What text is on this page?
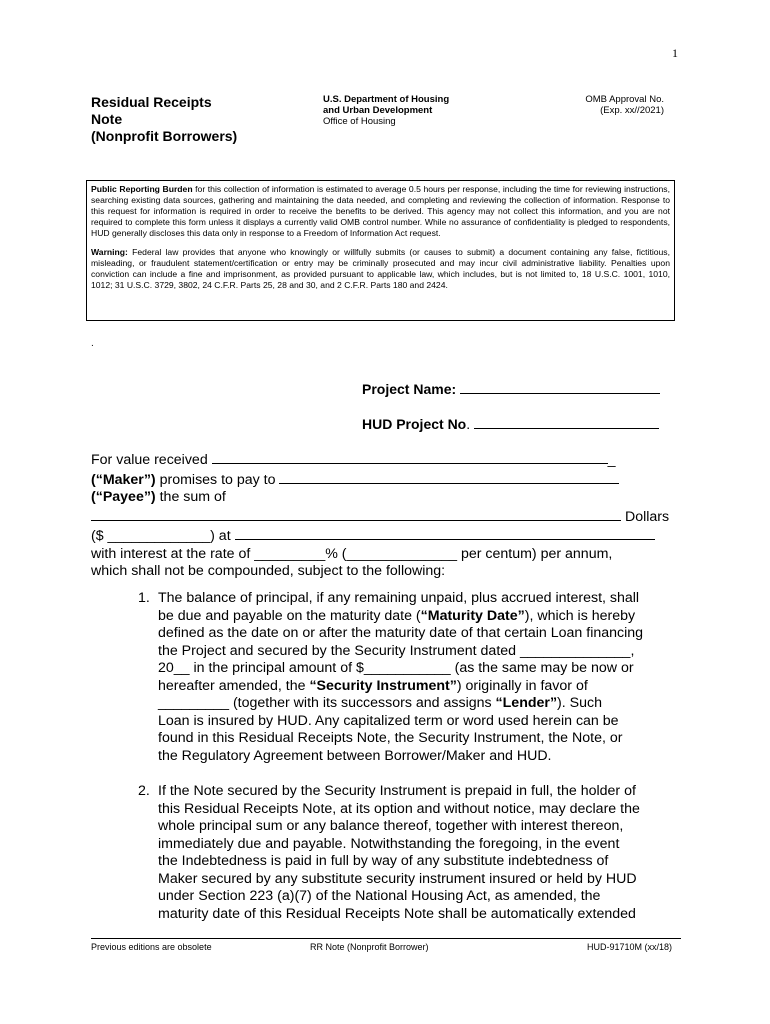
1
Residual Receipts
Note
(Nonprofit Borrowers)
U.S. Department of Housing
and Urban Development
Office of Housing
OMB Approval No.
(Exp. xx//2021)

Public Reporting Burden for this collection of information is estimated to average 0.5 hours per response, including the time for reviewing instructions, searching existing data sources, gathering and maintaining the data needed, and completing and reviewing the collection of information. Response to this request for information is required in order to receive the benefits to be derived. This agency may not collect this information, and you are not required to complete this form unless it displays a currently valid OMB control number. While no assurance of confidentiality is pledged to respondents, HUD generally discloses this data only in response to a Freedom of Information Act request.

Warning: Federal law provides that anyone who knowingly or willfully submits (or causes to submit) a document containing any false, fictitious, misleading, or fraudulent statement/certification or entry may be criminally prosecuted and may incur civil administrative liability. Penalties upon conviction can include a fine and imprisonment, as provided pursuant to applicable law, which includes, but is not limited to, 18 U.S.C. 1001, 1010, 1012; 31 U.S.C. 3729, 3802, 24 C.F.R. Parts 25, 28 and 30, and 2 C.F.R. Parts 180 and 2424.

.
Project Name:
HUD Project No.
For value received	_
(“Maker”) promises to pay to
(“Payee”) the sum of
Dollars
($ _____________) at
with interest at the rate of _________% (______________ per centum) per annum,
which shall not be compounded, subject to the following:
1. The balance of principal, if any remaining unpaid, plus accrued interest, shall
be due and payable on the maturity date (“Maturity Date”), which is hereby
defined as the date on or after the maturity date of that certain Loan financing
the Project and secured by the Security Instrument dated ______________,
20__ in the principal amount of $___________ (as the same may be now or
hereafter amended, the “Security Instrument”) originally in favor of
_________ (together with its successors and assigns “Lender”). Such
Loan is insured by HUD. Any capitalized term or word used herein can be
found in this Residual Receipts Note, the Security Instrument, the Note, or
the Regulatory Agreement between Borrower/Maker and HUD.
2. If the Note secured by the Security Instrument is prepaid in full, the holder of
this Residual Receipts Note, at its option and without notice, may declare the
whole principal sum or any balance thereof, together with interest thereon,
immediately due and payable. Notwithstanding the foregoing, in the event
the Indebtedness is paid in full by way of any substitute indebtedness of
Maker secured by any substitute security instrument insured or held by HUD
under Section 223 (a)(7) of the National Housing Act, as amended, the
maturity date of this Residual Receipts Note shall be automatically extended
Previous editions are obsolete	RR Note (Nonprofit Borrower)	HUD-91710M (xx/18)
